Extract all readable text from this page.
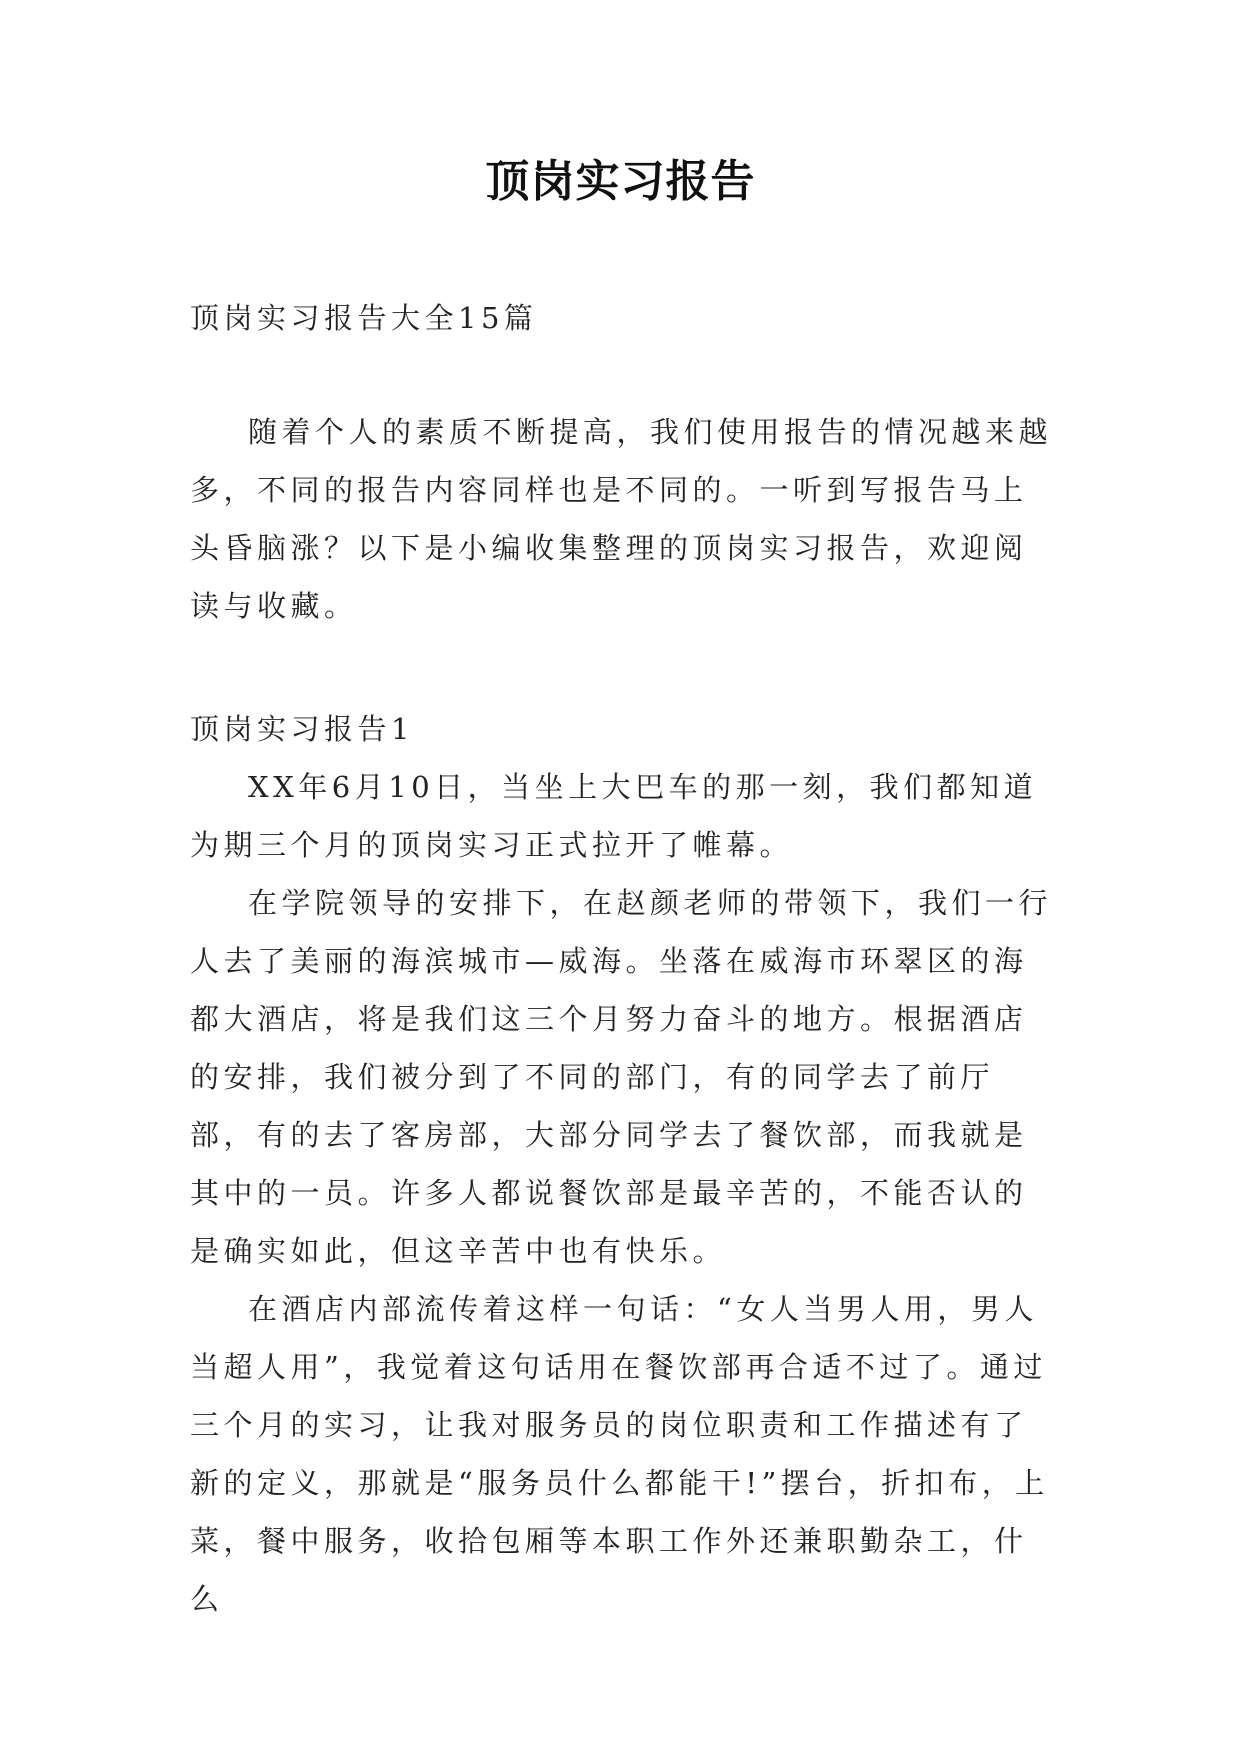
顶岗实习报告
顶岗实习报告大全15篇

随着个人的素质不断提高，我们使用报告的情况越来越多，不同的报告内容同样也是不同的。一听到写报告马上头昏脑涨？以下是小编收集整理的顶岗实习报告，欢迎阅读与收藏。

顶岗实习报告1

XX年6月10日，当坐上大巴车的那一刻，我们都知道为期三个月的顶岗实习正式拉开了帷幕。

在学院领导的安排下，在赵颜老师的带领下，我们一行人去了美丽的海滨城市—威海。坐落在威海市环翠区的海都大酒店，将是我们这三个月努力奋斗的地方。根据酒店的安排，我们被分到了不同的部门，有的同学去了前厅部，有的去了客房部，大部分同学去了餐饮部，而我就是其中的一员。许多人都说餐饮部是最辛苦的，不能否认的是确实如此，但这辛苦中也有快乐。

在酒店内部流传着这样一句话：“女人当男人用，男人当超人用”，我觉着这句话用在餐饮部再合适不过了。通过三个月的实习，让我对服务员的岗位职责和工作描述有了新的定义，那就是“服务员什么都能干!”摆台，折扣布，上菜，餐中服务，收拾包厢等本职工作外还兼职勤杂工，什么
